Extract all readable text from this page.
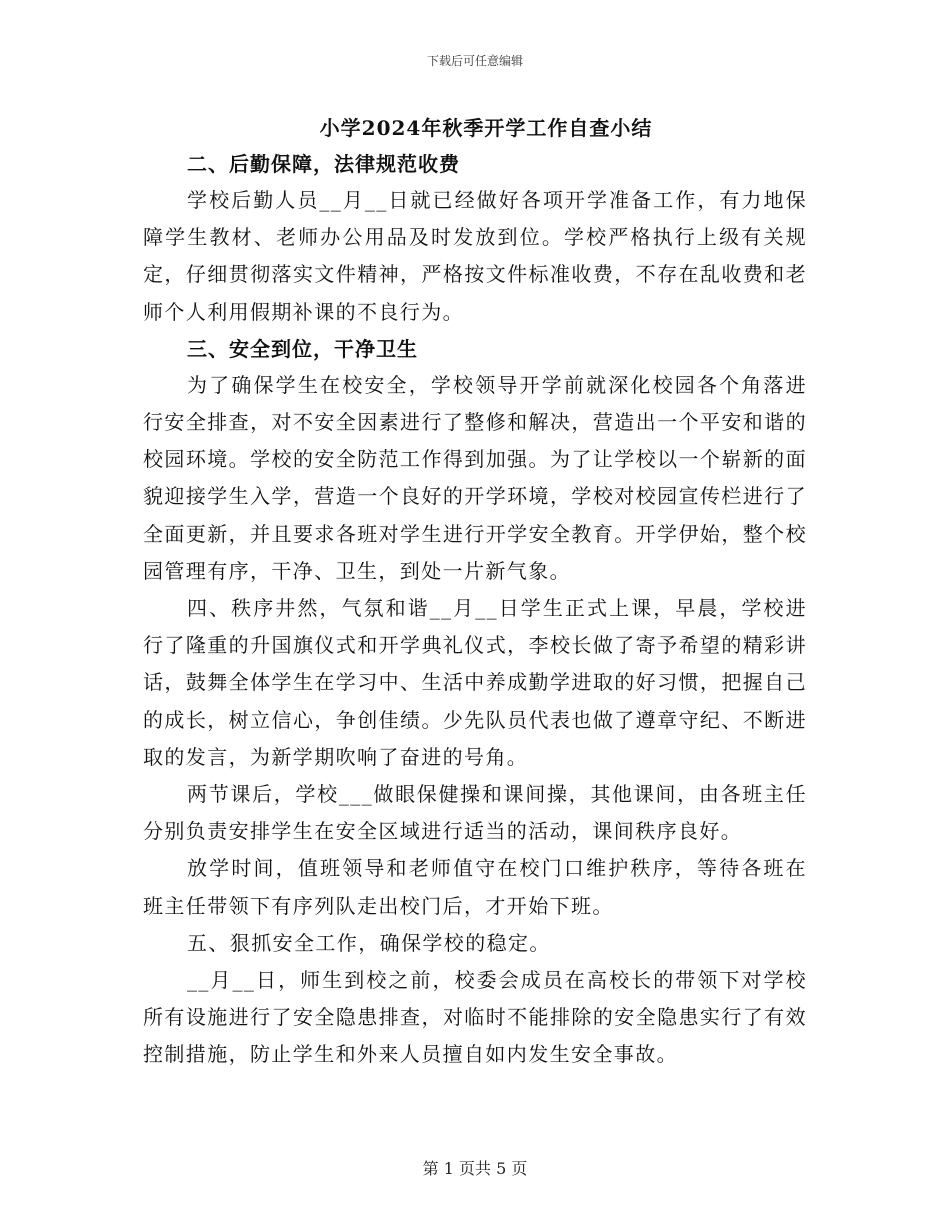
下载后可任意编辑
小学2024年秋季开学工作自查小结

二、后勤保障，法律规范收费

学校后勤人员__月__日就已经做好各项开学准备工作，有力地保障学生教材、老师办公用品及时发放到位。学校严格执行上级有关规定，仔细贯彻落实文件精神，严格按文件标准收费，不存在乱收费和老师个人利用假期补课的不良行为。

三、安全到位，干净卫生

为了确保学生在校安全，学校领导开学前就深化校园各个角落进行安全排查，对不安全因素进行了整修和解决，营造出一个平安和谐的校园环境。学校的安全防范工作得到加强。为了让学校以一个崭新的面貌迎接学生入学，营造一个良好的开学环境，学校对校园宣传栏进行了全面更新，并且要求各班对学生进行开学安全教育。开学伊始，整个校园管理有序，干净、卫生，到处一片新气象。

四、秩序井然，气氛和谐__月__日学生正式上课，早晨，学校进行了隆重的升国旗仪式和开学典礼仪式，李校长做了寄予希望的精彩讲话，鼓舞全体学生在学习中、生活中养成勤学进取的好习惯，把握自己的成长，树立信心，争创佳绩。少先队员代表也做了遵章守纪、不断进取的发言，为新学期吹响了奋进的号角。

两节课后，学校___做眼保健操和课间操，其他课间，由各班主任分别负责安排学生在安全区域进行适当的活动，课间秩序良好。

放学时间，值班领导和老师值守在校门口维护秩序，等待各班在班主任带领下有序列队走出校门后，才开始下班。

五、狠抓安全工作，确保学校的稳定。

__月__日，师生到校之前，校委会成员在高校长的带领下对学校所有设施进行了安全隐患排查，对临时不能排除的安全隐患实行了有效控制措施，防止学生和外来人员擅自如内发生安全事故。

第 1 页共 5 页
